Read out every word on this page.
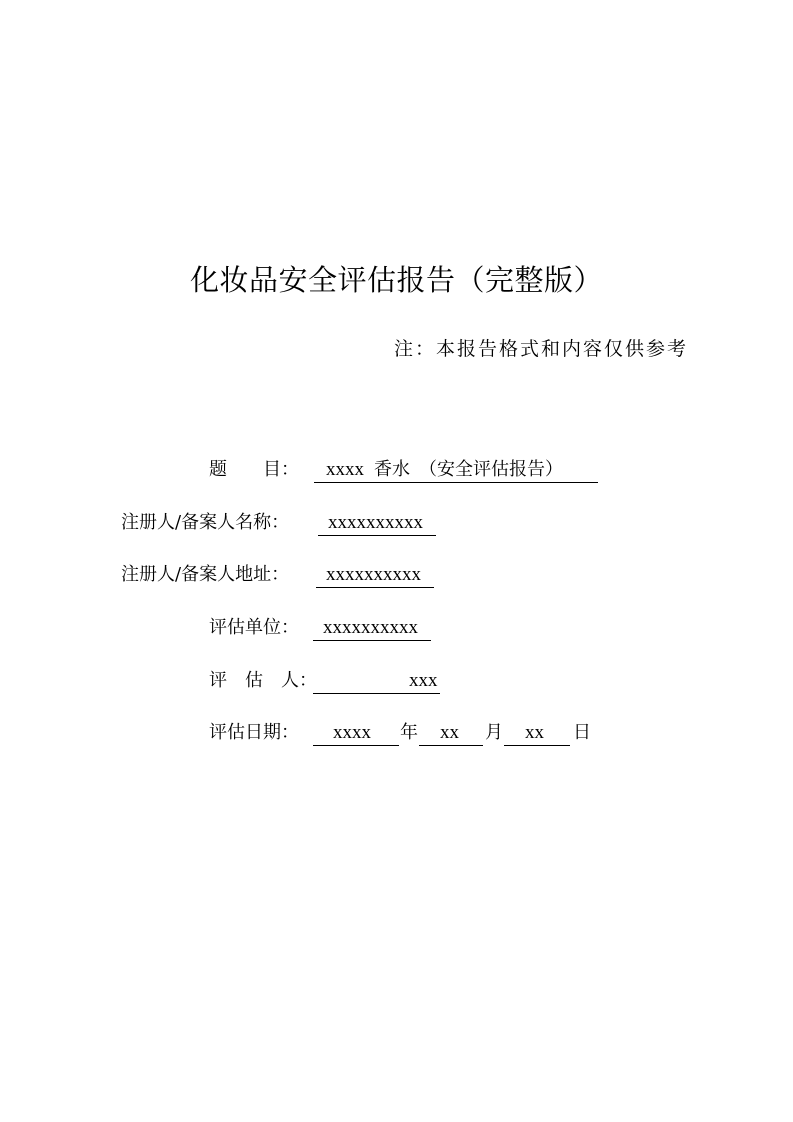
化妆品安全评估报告（完整版）
注：本报告格式和内容仅供参考
题　　目： xxxx 香水　（安全评估报告）
注册人/备案人名称： xxxxxxxxxx
注册人/备案人地址： xxxxxxxxxx
评估单位： xxxxxxxxxx
评　估　人：	xxx
评估日期： xxxx 年 xx 月 xx 日
